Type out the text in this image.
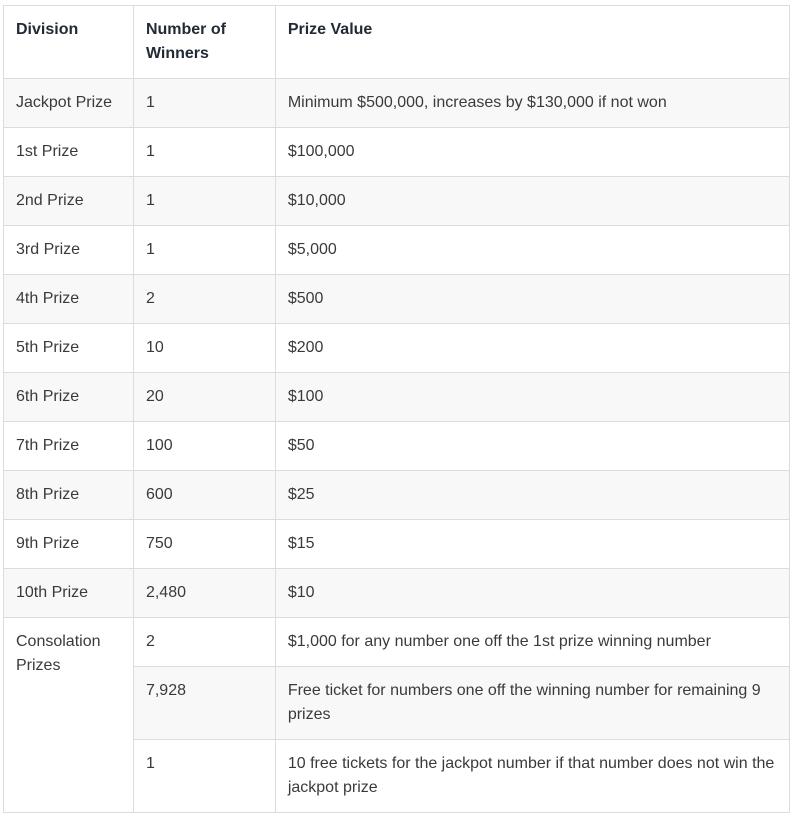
Division	Number of Winners	Prize Value
Jackpot Prize	1	Minimum $500,000, increases by $130,000 if not won
1st Prize	1	$100,000
2nd Prize	1	$10,000
3rd Prize	1	$5,000
4th Prize	2	$500
5th Prize	10	$200
6th Prize	20	$100
7th Prize	100	$50
8th Prize	600	$25
9th Prize	750	$15
10th Prize	2,480	$10
Consolation Prizes	2	$1,000 for any number one off the 1st prize winning number
	7,928	Free ticket for numbers one off the winning number for remaining 9 prizes
	1	10 free tickets for the jackpot number if that number does not win the jackpot prize
